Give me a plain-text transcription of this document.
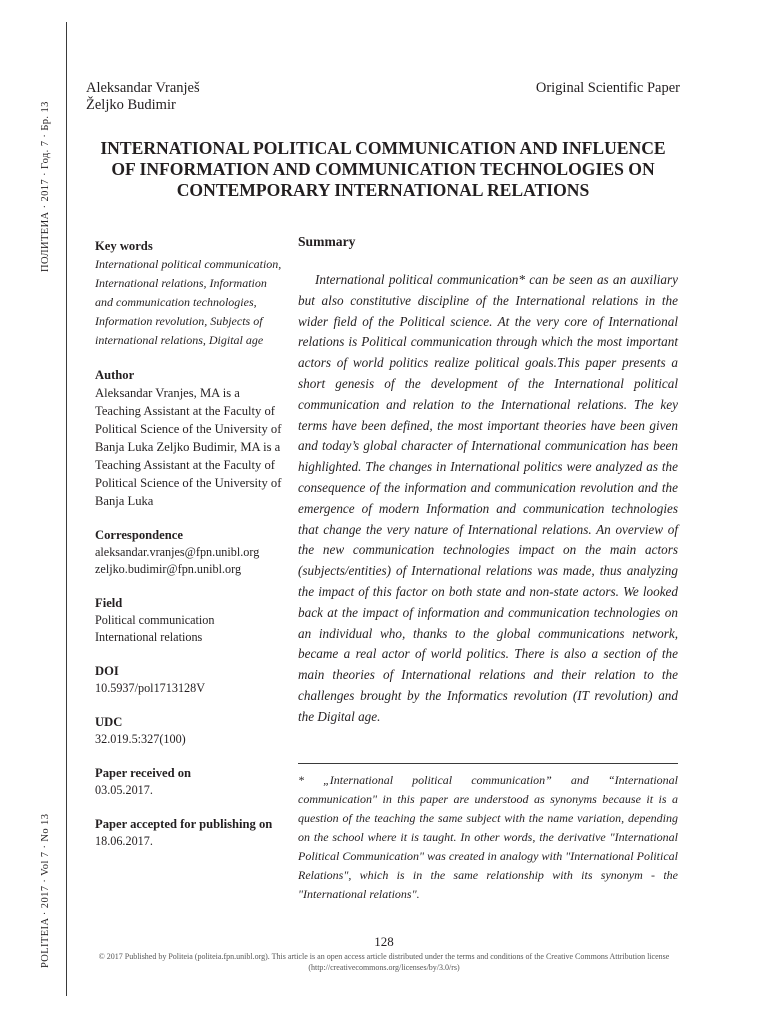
ПОЛИТЕИА · 2017 · Год. 7 · Бр. 13
POLITEIA · 2017 · Vol 7 · No 13
Aleksandar Vranješ
Željko Budimir
Original Scientific Paper
INTERNATIONAL POLITICAL COMMUNICATION AND INFLUENCE OF INFORMATION AND COMMUNICATION TECHNOLOGIES ON CONTEMPORARY INTERNATIONAL RELATIONS
Key words
International political communication, International relations, Information and communication technologies, Information revolution, Subjects of international relations, Digital age
Author
Aleksandar Vranjes, MA is a Teaching Assistant at the Faculty of Political Science of the University of Banja Luka Zeljko Budimir, MA is a Teaching Assistant at the Faculty of Political Science of the University of Banja Luka
Correspondence
aleksandar.vranjes@fpn.unibl.org
zeljko.budimir@fpn.unibl.org
Field
Political communication
International relations
DOI
10.5937/pol1713128V
UDC
32.019.5:327(100)
Paper received on
03.05.2017.
Paper accepted for publishing on
18.06.2017.
Summary

International political communication* can be seen as an auxiliary but also constitutive discipline of the International relations in the wider field of the Political science. At the very core of International relations is Political communication through which the most important actors of world politics realize political goals.This paper presents a short genesis of the development of the International political communication and relation to the International relations. The key terms have been defined, the most important theories have been given and today’s global character of International communication has been highlighted. The changes in International politics were analyzed as the consequence of the information and communication revolution and the emergence of modern Information and communication technologies that change the very nature of International relations. An overview of the new communication technologies impact on the main actors (subjects/entities) of International relations was made, thus analyzing the impact of this factor on both state and non-state actors. We looked back at the impact of information and communication technologies on an individual who, thanks to the global communications network, became a real actor of world politics. There is also a section of the main theories of International relations and their relation to the challenges brought by the Informatics revolution (IT revolution) and the Digital age.

* „International political communication” and “International communication" in this paper are understood as synonyms because it is a question of the teaching the same subject with the name variation, depending on the school where it is taught. In other words, the derivative "International Political Communication" was created in analogy with "International Political Relations", which is in the same relationship with its synonym - the "International relations".

128
© 2017 Published by Politeia (politeia.fpn.unibl.org). This article is an open access article distributed under the terms and conditions of the Creative Commons Attribution license
(http://creativecommons.org/licenses/by/3.0/rs)
